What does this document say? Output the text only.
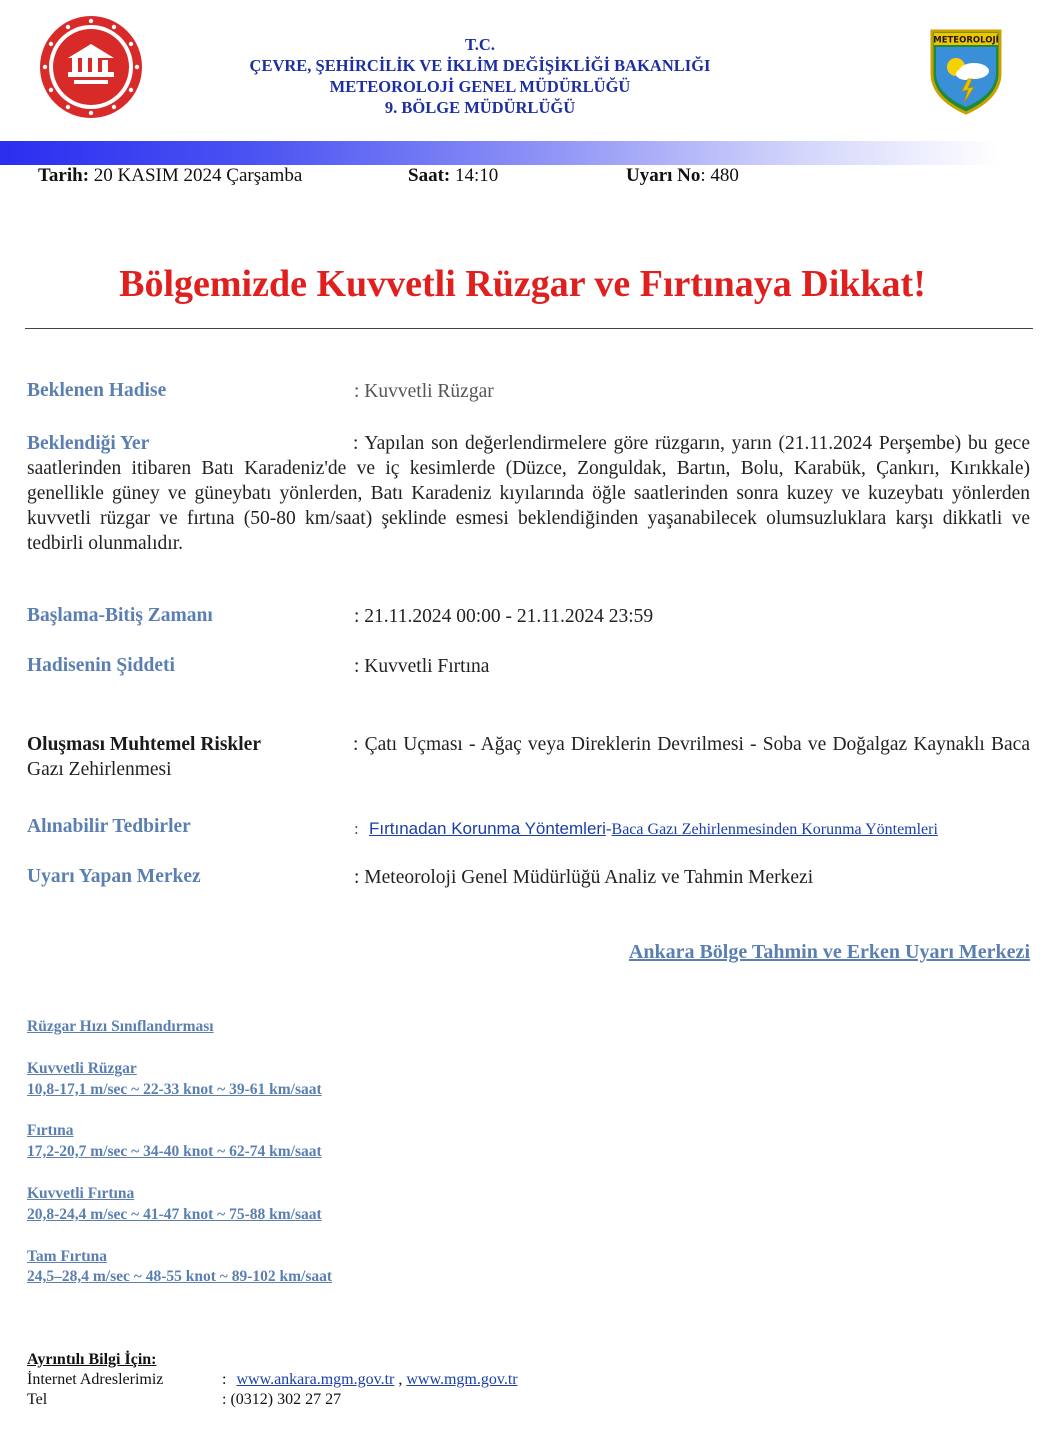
T.C.
ÇEVRE, ŞEHİRCİLİK VE İKLİM DEĞİŞİKLİĞİ BAKANLIĞI
METEOROLOJİ GENEL MÜDÜRLÜĞÜ
9. BÖLGE MÜDÜRLÜĞÜ
METEOROLOJİ
Tarih: 20 KASIM 2024 Çarşamba	Saat: 14:10	Uyarı No: 480
Bölgemizde Kuvvetli Rüzgar ve Fırtınaya Dikkat!
Beklenen Hadise	: Kuvvetli Rüzgar
Beklendiği Yer	: Yapılan son değerlendirmelere göre rüzgarın, yarın (21.11.2024 Perşembe) bu gece saatlerinden itibaren Batı Karadeniz'de ve iç kesimlerde (Düzce, Zonguldak, Bartın, Bolu, Karabük, Çankırı, Kırıkkale) genellikle güney ve güneybatı yönlerden, Batı Karadeniz kıyılarında öğle saatlerinden sonra kuzey ve kuzeybatı yönlerden kuvvetli rüzgar ve fırtına (50-80 km/saat) şeklinde esmesi beklendiğinden yaşanabilecek olumsuzluklara karşı dikkatli ve tedbirli olunmalıdır.
Başlama-Bitiş Zamanı	: 21.11.2024 00:00 - 21.11.2024 23:59
Hadisenin Şiddeti	: Kuvvetli Fırtına
Oluşması Muhtemel Riskler	: Çatı Uçması - Ağaç veya Direklerin Devrilmesi - Soba ve Doğalgaz Kaynaklı Baca Gazı Zehirlenmesi
Alınabilir Tedbirler	: Fırtınadan Korunma Yöntemleri-Baca Gazı Zehirlenmesinden Korunma Yöntemleri
Uyarı Yapan Merkez	: Meteoroloji Genel Müdürlüğü Analiz ve Tahmin Merkezi
Ankara Bölge Tahmin ve Erken Uyarı Merkezi
Rüzgar Hızı Sınıflandırması
Kuvvetli Rüzgar
10,8-17,1 m/sec ~ 22-33 knot ~ 39-61 km/saat
Fırtına
17,2-20,7 m/sec ~ 34-40 knot ~ 62-74 km/saat
Kuvvetli Fırtına
20,8-24,4 m/sec ~ 41-47 knot ~ 75-88 km/saat
Tam Fırtına
24,5–28,4 m/sec ~ 48-55 knot ~ 89-102 km/saat
Ayrıntılı Bilgi İçin:
İnternet Adreslerimiz	: www.ankara.mgm.gov.tr , www.mgm.gov.tr
Tel	: (0312) 302 27 27
